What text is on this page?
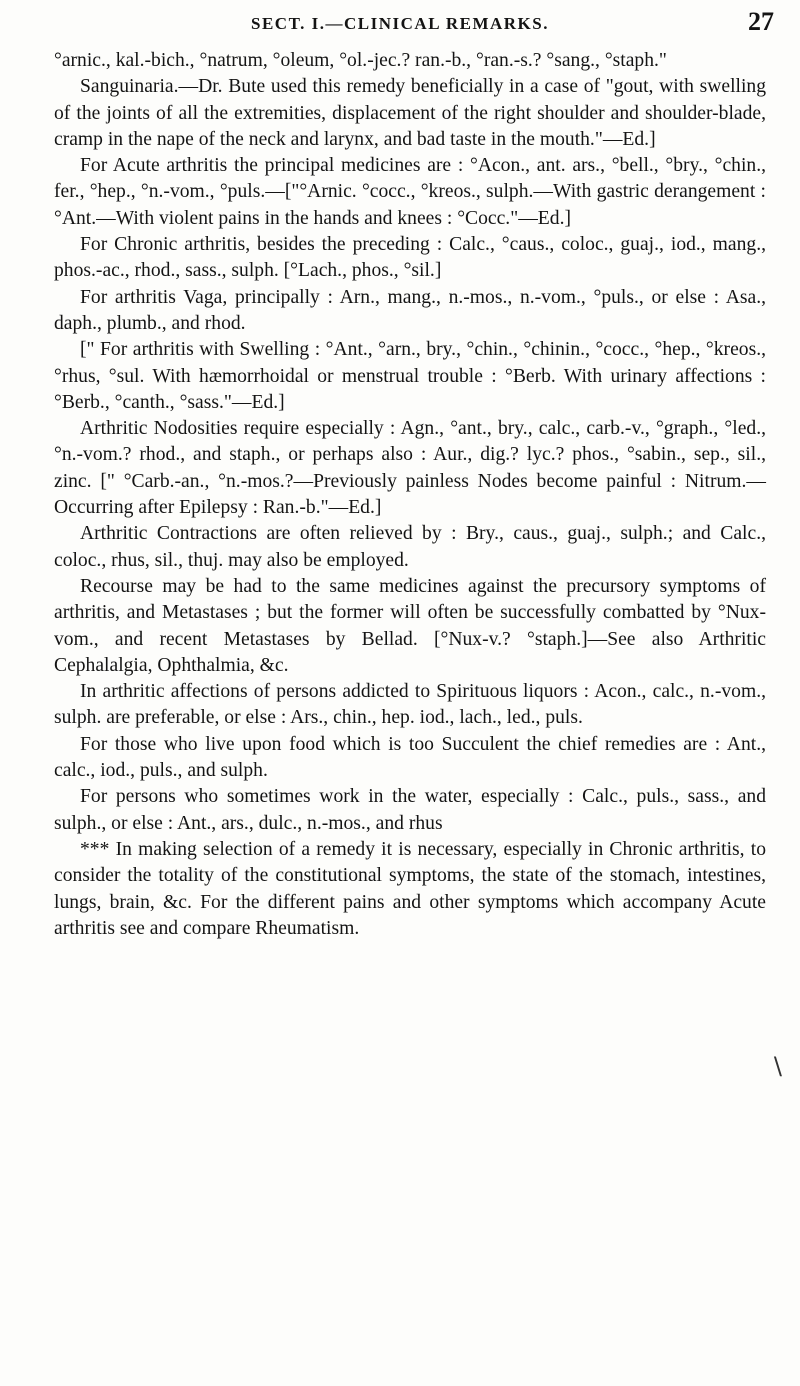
SECT. I.—CLINICAL REMARKS.	27

°arnic., kal.-bich., °natrum, °oleum, °ol.-jec.? ran.-b., °ran.-s.? °sang., °staph."

Sanguinaria.—Dr. Bute used this remedy beneficially in a case of "gout, with swelling of the joints of all the extremities, displacement of the right shoulder and shoulder-blade, cramp in the nape of the neck and larynx, and bad taste in the mouth."—Ed.]

For Acute arthritis the principal medicines are : °Acon., ant. ars., °bell., °bry., °chin., fer., °hep., °n.-vom., °puls.—["°Arnic. °cocc., °kreos., sulph.—With gastric derangement : °Ant.—With violent pains in the hands and knees : °Cocc."—Ed.]

For Chronic arthritis, besides the preceding : Calc., °caus., coloc., guaj., iod., mang., phos.-ac., rhod., sass., sulph. [°Lach., phos., °sil.]

For arthritis Vaga, principally : Arn., mang., n.-mos., n.-vom., °puls., or else : Asa., daph., plumb., and rhod.

[" For arthritis with Swelling : °Ant., °arn., bry., °chin., °chinin., °cocc., °hep., °kreos., °rhus, °sul. With hæmorrhoidal or menstrual trouble : °Berb. With urinary affections : °Berb., °canth., °sass."—Ed.]

Arthritic Nodosities require especially : Agn., °ant., bry., calc., carb.-v., °graph., °led., °n.-vom.? rhod., and staph., or perhaps also : Aur., dig.? lyc.? phos., °sabin., sep., sil., zinc. [" °Carb.-an., °n.-mos.?—Previously painless Nodes become painful : Nitrum.—Occurring after Epilepsy : Ran.-b."—Ed.]

Arthritic Contractions are often relieved by : Bry., caus., guaj., sulph.; and Calc., coloc., rhus, sil., thuj. may also be employed.

Recourse may be had to the same medicines against the precursory symptoms of arthritis, and Metastases ; but the former will often be successfully combatted by °Nux-vom., and recent Metastases by Bellad. [°Nux-v.? °staph.]—See also Arthritic Cephalalgia, Ophthalmia, &c.

In arthritic affections of persons addicted to Spirituous liquors : Acon., calc., n.-vom., sulph. are preferable, or else : Ars., chin., hep. iod., lach., led., puls.

For those who live upon food which is too Succulent the chief remedies are : Ant., calc., iod., puls., and sulph.

For persons who sometimes work in the water, especially : Calc., puls., sass., and sulph., or else : Ant., ars., dulc., n.-mos., and rhus

*** In making selection of a remedy it is necessary, especially in Chronic arthritis, to consider the totality of the constitutional symptoms, the state of the stomach, intestines, lungs, brain, &c. For the different pains and other symptoms which accompany Acute arthritis see and compare Rheumatism.

\
